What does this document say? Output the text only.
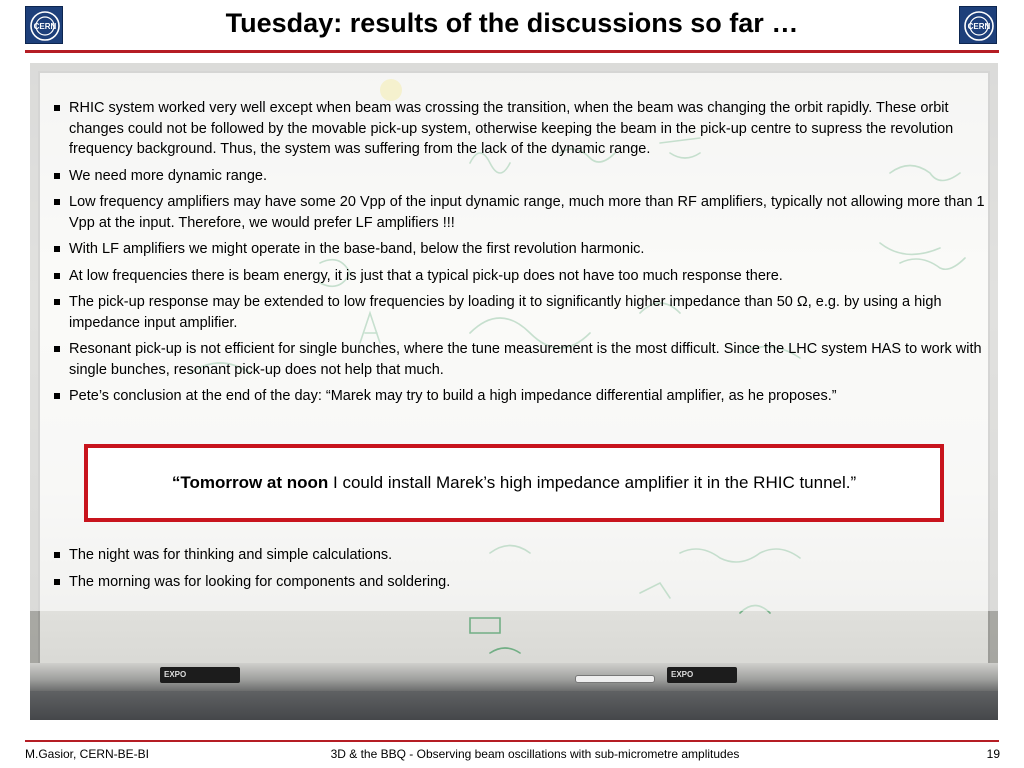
CERN	Tuesday: results of the discussions so far …	CERN
EXPO	EXPO
RHIC system worked very well except when beam was crossing the transition, when the beam was changing the orbit rapidly. These orbit changes could not be followed by the movable pick-up system, otherwise keeping the beam in the pick-up centre to supress the revolution frequency background. Thus, the system was suffering from the lack of the dynamic range.
We need more dynamic range.
Low frequency amplifiers may have some 20 Vpp of the input dynamic range, much more than RF amplifiers, typically not allowing more than 1 Vpp at the input. Therefore, we would prefer LF amplifiers !!!
With LF amplifiers we might operate in the base-band, below the first revolution harmonic.
At low frequencies there is beam energy, it is just that a typical pick-up does not have too much response there.
The pick-up response may be extended to low frequencies by loading it to significantly higher impedance than 50 Ω, e.g. by using a high impedance input amplifier.
Resonant pick-up is not efficient for single bunches, where the tune measurement is the most difficult. Since the LHC system HAS to work with single bunches, resonant pick-up does not help that much.
Pete’s conclusion at the end of the day: “Marek may try to build a high impedance differential amplifier, as he proposes.”

“Tomorrow at noon I could install Marek’s high impedance amplifier it in the RHIC tunnel.”

The night was for thinking and simple calculations.
The morning was for looking for components and soldering.
M.Gasior, CERN-BE-BI	3D & the BBQ - Observing beam oscillations with sub-micrometre amplitudes	19
